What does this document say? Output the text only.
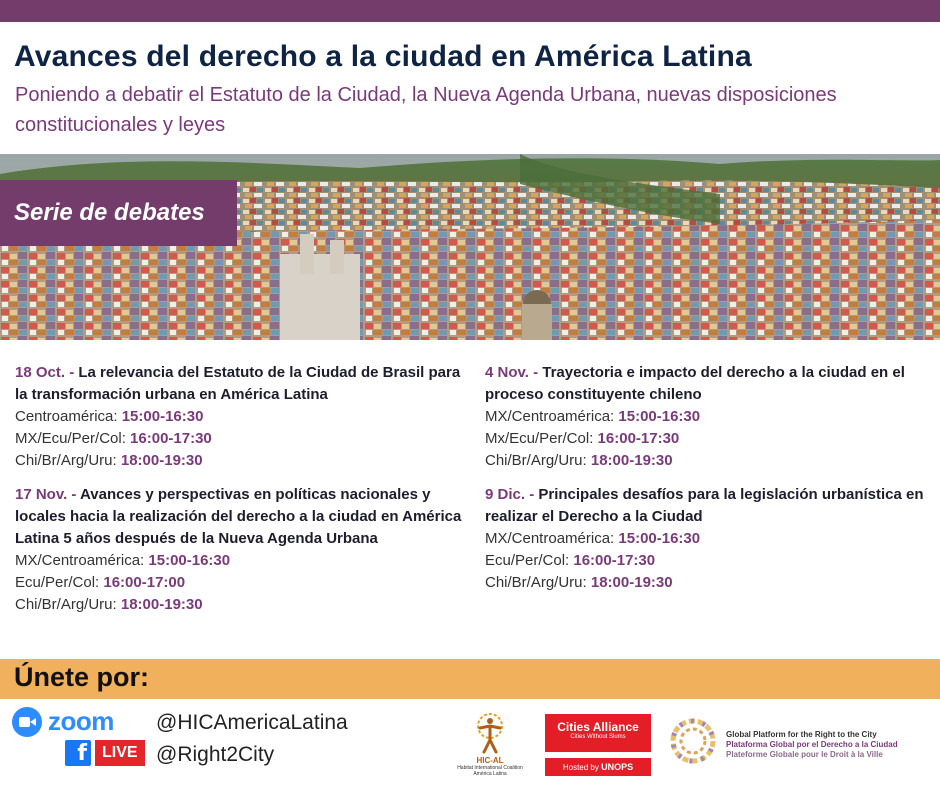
Avances del derecho a la ciudad en América Latina

Poniendo a debatir el Estatuto de la Ciudad, la Nueva Agenda Urbana, nuevas disposiciones constitucionales y leyes

Serie de debates
18 Oct. - La relevancia del Estatuto de la Ciudad de Brasil para la transformación urbana en América Latina
Centroamérica: 15:00-16:30
MX/Ecu/Per/Col: 16:00-17:30
Chi/Br/Arg/Uru: 18:00-19:30
17 Nov. - Avances y perspectivas en políticas nacionales y locales hacia la realización del derecho a la ciudad en América Latina 5 años después de la Nueva Agenda Urbana
MX/Centroamérica: 15:00-16:30
Ecu/Per/Col: 16:00-17:00
Chi/Br/Arg/Uru: 18:00-19:30
4 Nov. - Trayectoria e impacto del derecho a la ciudad en el proceso constituyente chileno
MX/Centroamérica: 15:00-16:30
Mx/Ecu/Per/Col: 16:00-17:30
Chi/Br/Arg/Uru: 18:00-19:30
9 Dic. - Principales desafíos para la legislación urbanística en realizar el Derecho a la Ciudad
MX/Centroamérica: 15:00-16:30
Ecu/Per/Col: 16:00-17:30
Chi/Br/Arg/Uru: 18:00-19:30
Únete por:
zoom @HICAmericaLatina
f LIVE @Right2City	HIC-AL
Habitat International Coalition
América Latina
Cities Alliance
Cities Without Slums
Hosted by UNOPS
Global Platform for the Right to the City
Plataforma Global por el Derecho a la Ciudad
Plateforme Globale pour le Droit à la Ville
